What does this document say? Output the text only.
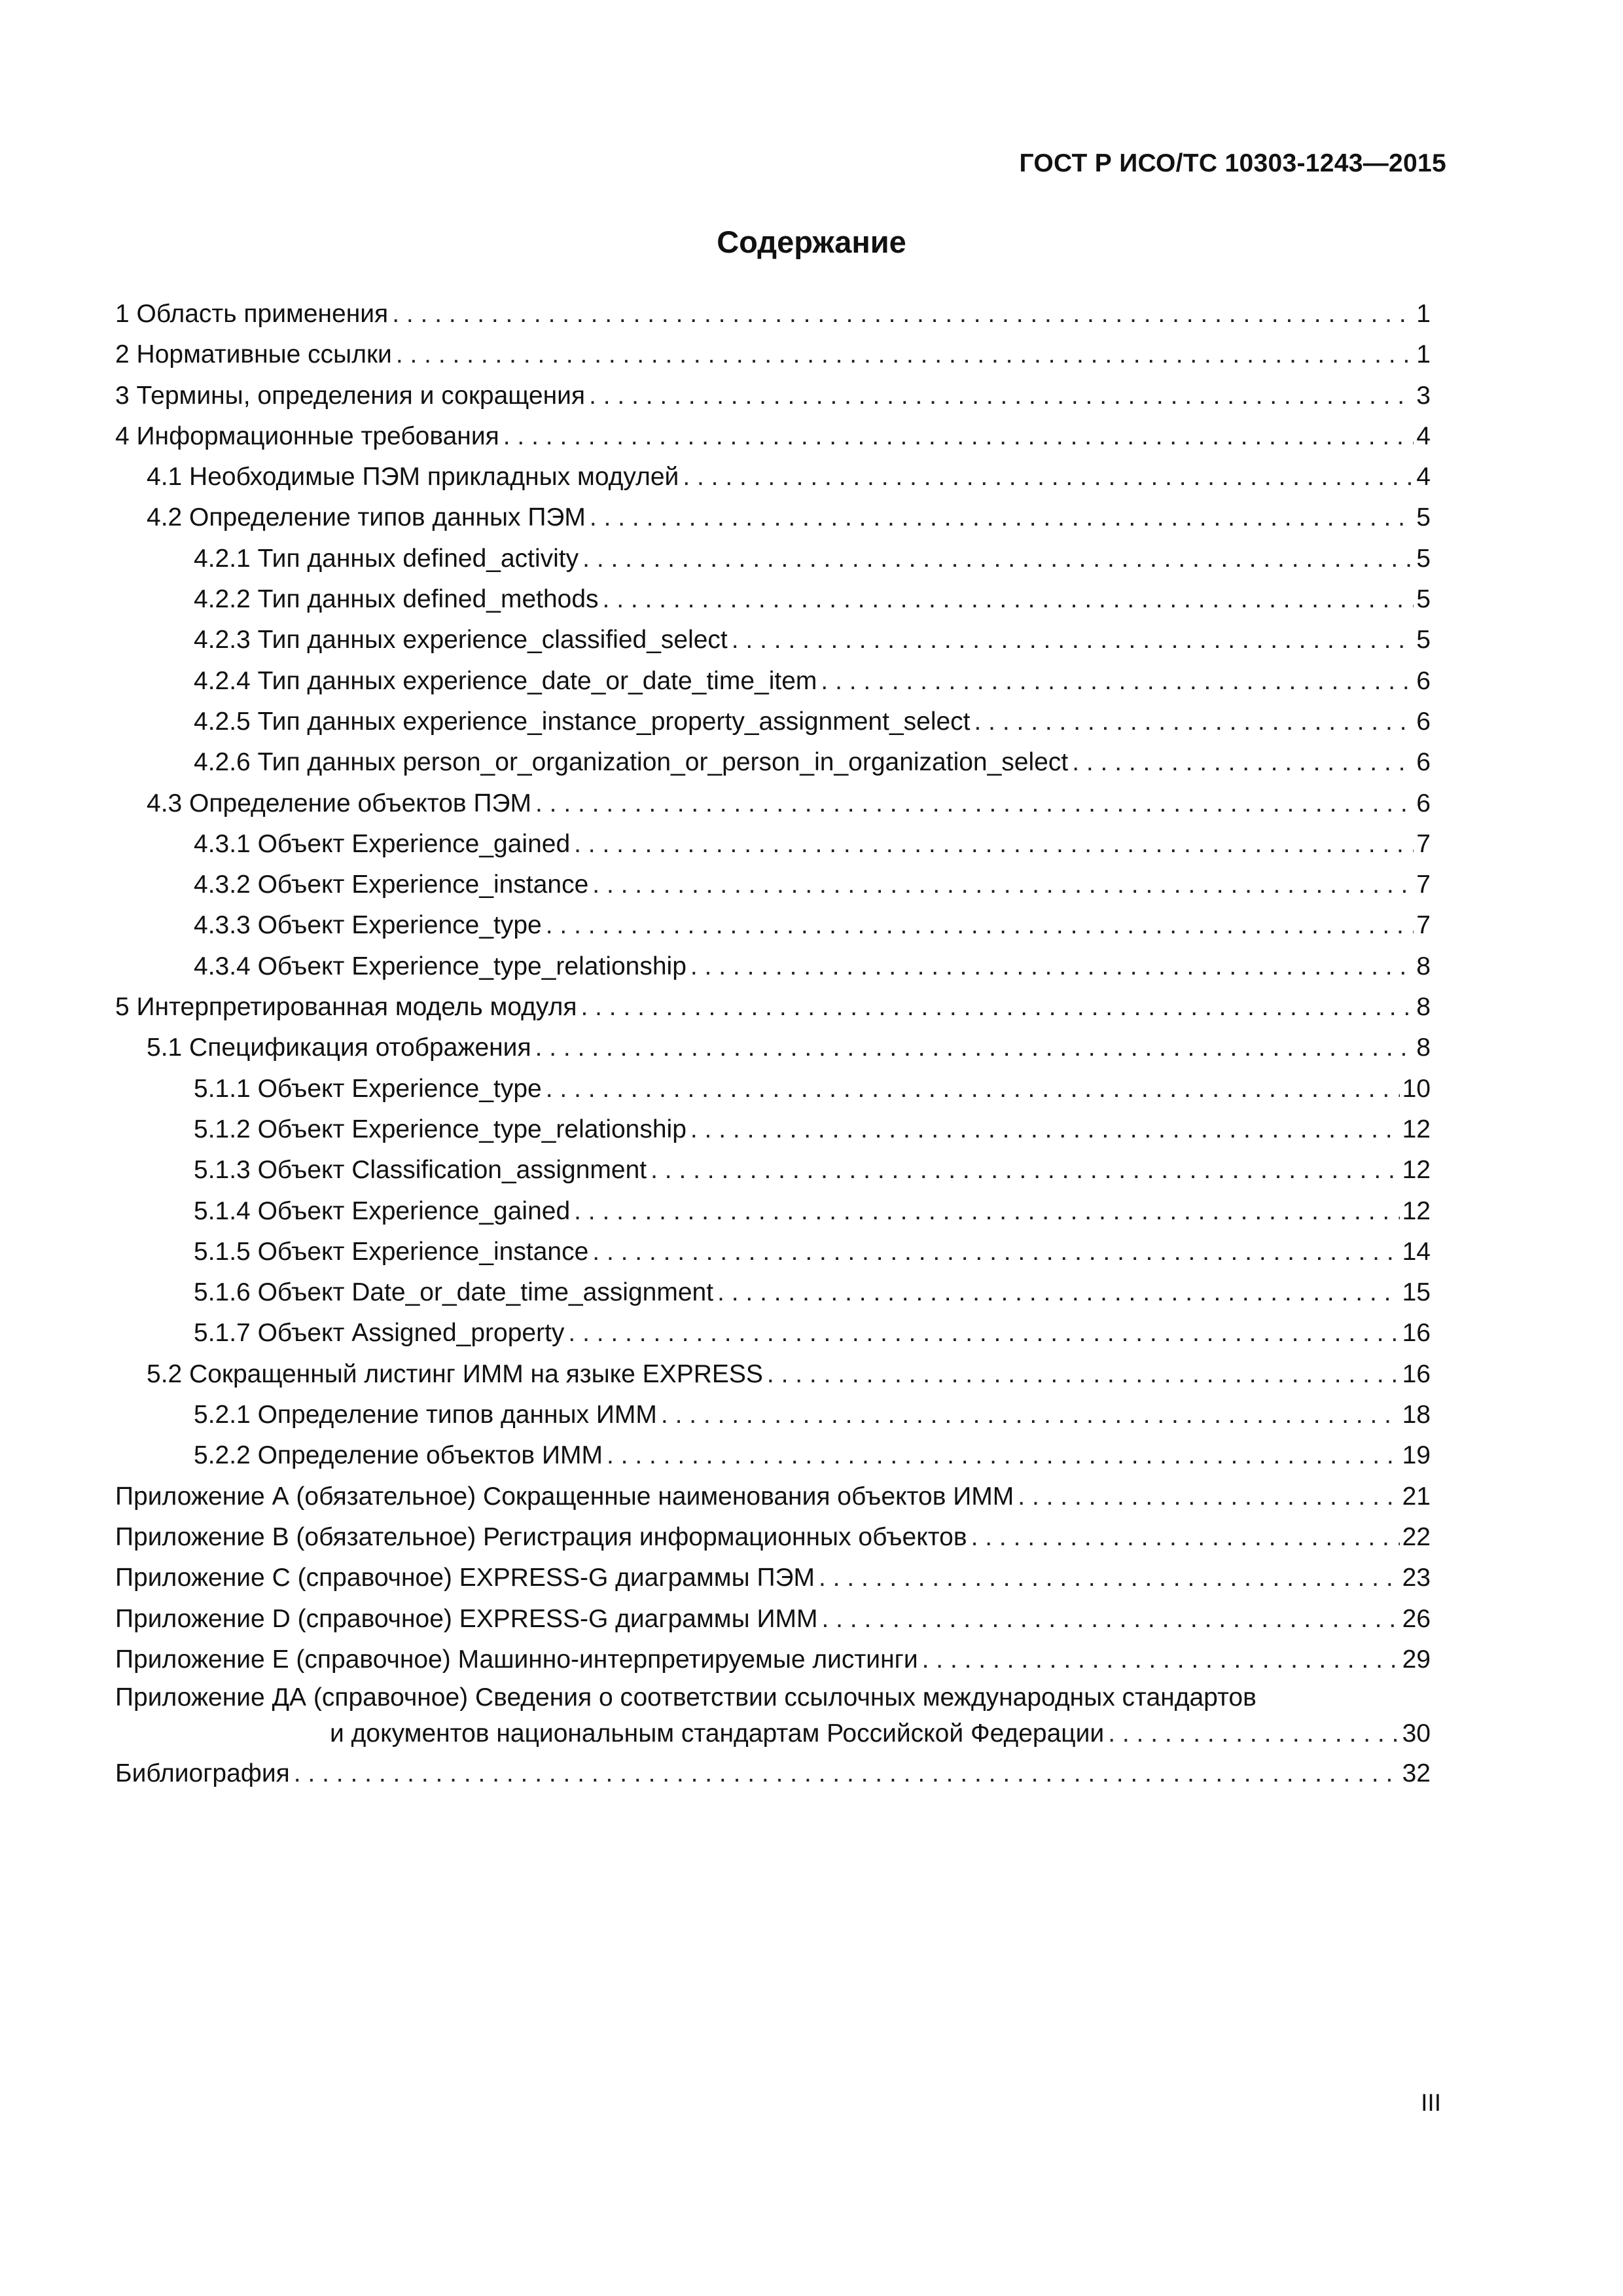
ГОСТ Р ИСО/ТС 10303-1243—2015
Содержание
1 Область применения . . .	1
2 Нормативные ссылки . . .	1
3 Термины, определения и сокращения . . .	3
4 Информационные требования . . .	4
4.1 Необходимые ПЭМ прикладных модулей . . .	4
4.2 Определение типов данных ПЭМ . . .	5
4.2.1 Тип данных defined_activity . . .	5
4.2.2 Тип данных defined_methods . . .	5
4.2.3 Тип данных experience_classified_select . . .	5
4.2.4 Тип данных experience_date_or_date_time_item . . .	6
4.2.5 Тип данных experience_instance_property_assignment_select . . .	6
4.2.6 Тип данных person_or_organization_or_person_in_organization_select . . .	6
4.3 Определение объектов ПЭМ . . .	6
4.3.1 Объект Experience_gained . . .	7
4.3.2 Объект Experience_instance . . .	7
4.3.3 Объект Experience_type . . .	7
4.3.4 Объект Experience_type_relationship . . .	8
5 Интерпретированная модель модуля . . .	8
5.1 Спецификация отображения . . .	8
5.1.1 Объект Experience_type . . .	10
5.1.2 Объект Experience_type_relationship . . .	12
5.1.3 Объект Classification_assignment . . .	12
5.1.4 Объект Experience_gained . . .	12
5.1.5 Объект Experience_instance . . .	14
5.1.6 Объект Date_or_date_time_assignment . . .	15
5.1.7 Объект Assigned_property . . .	16
5.2 Сокращенный листинг ИММ на языке EXPRESS . . .	16
5.2.1 Определение типов данных ИММ . . .	18
5.2.2 Определение объектов ИММ . . .	19
Приложение А (обязательное) Сокращенные наименования объектов ИММ . . .	21
Приложение В (обязательное) Регистрация информационных объектов . . .	22
Приложение С (справочное) EXPRESS-G диаграммы ПЭМ . . .	23
Приложение D (справочное) EXPRESS-G диаграммы ИММ . . .	26
Приложение Е (справочное) Машинно-интерпретируемые листинги . . .	29
Приложение ДА (справочное) Сведения о соответствии ссылочных международных стандартов
и документов национальным стандартам Российской Федерации . . .	30
Библиография . . .	32
III
